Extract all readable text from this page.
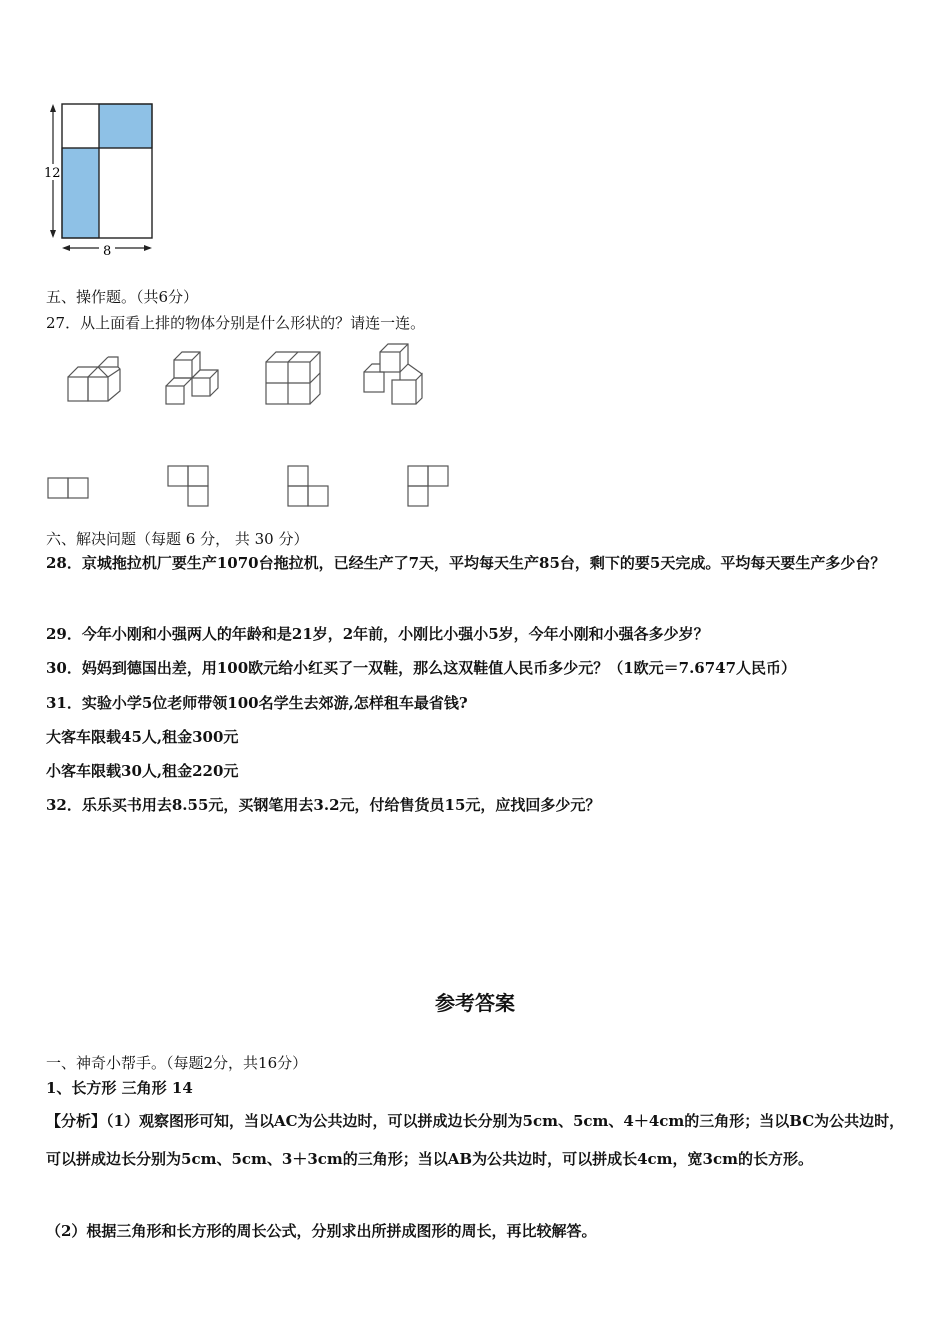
12
8
五、操作题。（共6分）
27．从上面看上排的物体分别是什么形状的？请连一连。
六、解决问题（每题 6 分， 共 30 分）
28．京城拖拉机厂要生产1070台拖拉机，已经生产了7天，平均每天生产85台，剩下的要5天完成。平均每天要生产多少台？
29．今年小刚和小强两人的年龄和是21岁，2年前，小刚比小强小5岁，今年小刚和小强各多少岁？
30．妈妈到德国出差，用100欧元给小红买了一双鞋，那么这双鞋值人民币多少元？（1欧元＝7.6747人民币）
31．实验小学5位老师带领100名学生去郊游,怎样租车最省钱?
大客车限载45人,租金300元
小客车限载30人,租金220元
32．乐乐买书用去8.55元，买钢笔用去3.2元，付给售货员15元，应找回多少元？
参考答案
一、神奇小帮手。（每题2分，共16分）
1、长方形 三角形 14
【分析】（1）观察图形可知，当以AC为公共边时，可以拼成边长分别为5cm、5cm、4＋4cm的三角形；当以BC为公共边时，可以拼成边长分别为5cm、5cm、3＋3cm的三角形；当以AB为公共边时，可以拼成长4cm，宽3cm的长方形。
（2）根据三角形和长方形的周长公式，分别求出所拼成图形的周长，再比较解答。
